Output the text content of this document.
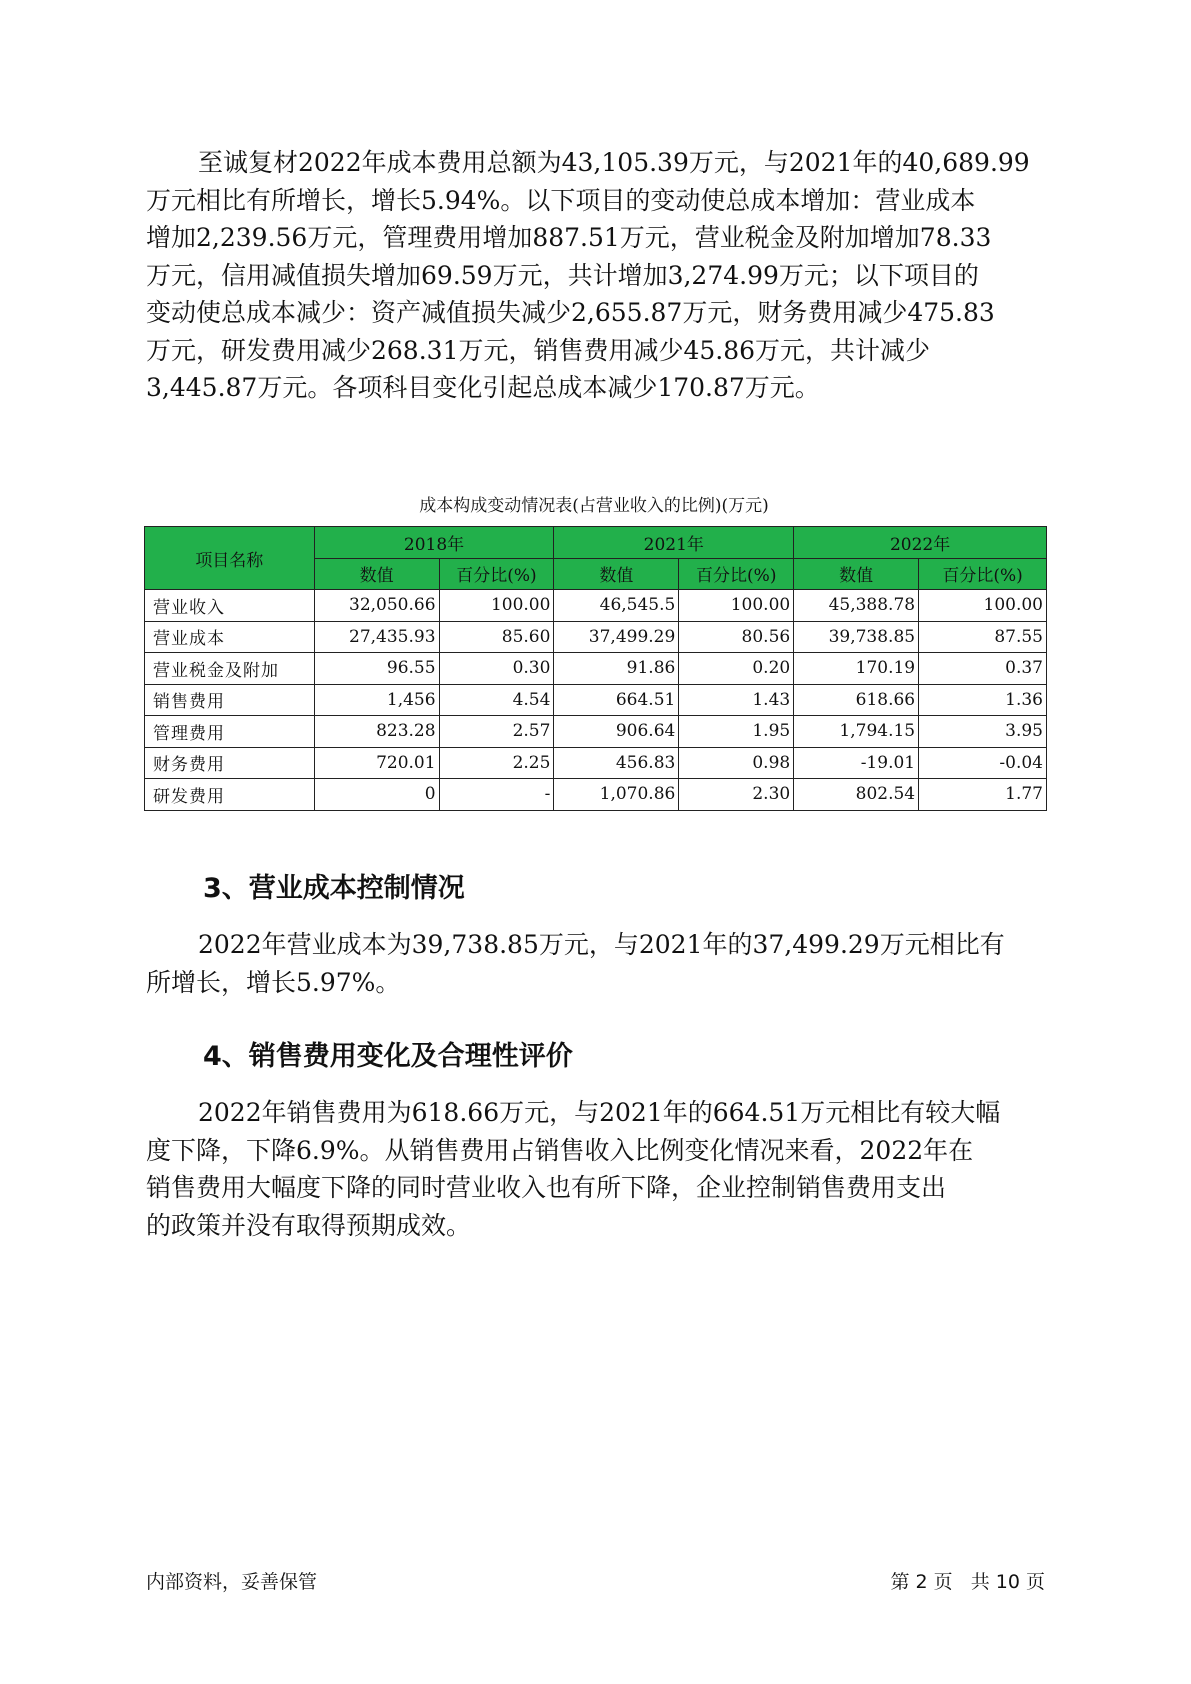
至诚复材2022年成本费用总额为43,105.39万元，与2021年的40,689.99
万元相比有所增长，增长5.94%。以下项目的变动使总成本增加：营业成本
增加2,239.56万元，管理费用增加887.51万元，营业税金及附加增加78.33
万元，信用减值损失增加69.59万元，共计增加3,274.99万元；以下项目的
变动使总成本减少：资产减值损失减少2,655.87万元，财务费用减少475.83
万元，研发费用减少268.31万元，销售费用减少45.86万元，共计减少
3,445.87万元。各项科目变化引起总成本减少170.87万元。
成本构成变动情况表(占营业收入的比例)(万元)
项目名称	2018年		2021年		2022年	
	数值	百分比(%)	数值	百分比(%)	数值	百分比(%)
营业收入	32,050.66	100.00	46,545.5	100.00	45,388.78	100.00
营业成本	27,435.93	85.60	37,499.29	80.56	39,738.85	87.55
营业税金及附加	96.55	0.30	91.86	0.20	170.19	0.37
销售费用	1,456	4.54	664.51	1.43	618.66	1.36
管理费用	823.28	2.57	906.64	1.95	1,794.15	3.95
财务费用	720.01	2.25	456.83	0.98	-19.01	-0.04
研发费用	0	-	1,070.86	2.30	802.54	1.77
3、营业成本控制情况
2022年营业成本为39,738.85万元，与2021年的37,499.29万元相比有
所增长，增长5.97%。
4、销售费用变化及合理性评价
2022年销售费用为618.66万元，与2021年的664.51万元相比有较大幅
度下降，下降6.9%。从销售费用占销售收入比例变化情况来看，2022年在
销售费用大幅度下降的同时营业收入也有所下降，企业控制销售费用支出
的政策并没有取得预期成效。
内部资料，妥善保管	第 2 页   共 10 页
